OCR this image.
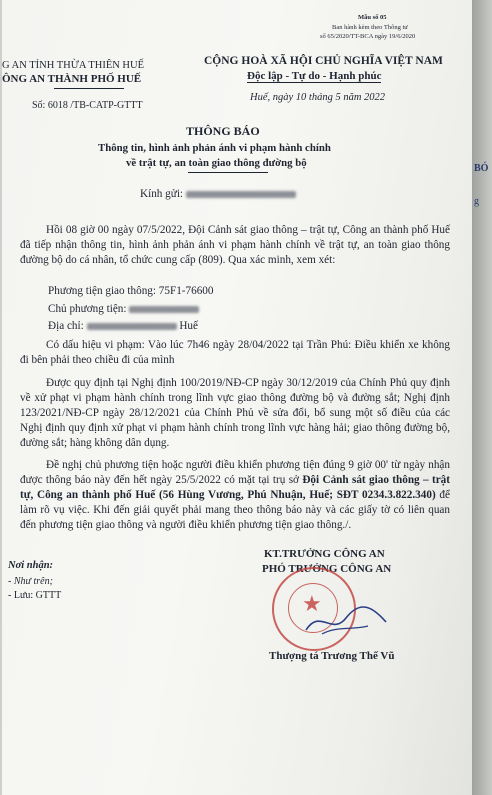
Mẫu số 05
Ban hành kèm theo Thông tư
số 65/2020/TT-BCA ngày 19/6/2020
G AN TỈNH THỪA THIÊN HUẾ
ÔNG AN THÀNH PHỐ HUẾ
Số: 6018 /TB-CATP-GTTT
CỘNG HOÀ XÃ HỘI CHỦ NGHĨA VIỆT NAM
Độc lập - Tự do - Hạnh phúc
Huế, ngày 10 tháng 5 năm 2022
THÔNG BÁO
Thông tin, hình ảnh phản ánh vi phạm hành chính
về trật tự, an toàn giao thông đường bộ
Kính gửi:
Hồi 08 giờ 00 ngày 07/5/2022, Đội Cảnh sát giao thông – trật tự, Công an thành phố Huế đã tiếp nhận thông tin, hình ảnh phản ánh vi phạm hành chính về trật tự, an toàn giao thông đường bộ do cá nhân, tổ chức cung cấp (809). Qua xác minh, xem xét:
Phương tiện giao thông: 75F1-76600
Chủ phương tiện:
Địa chỉ:	Huế
Có dấu hiệu vi phạm: Vào lúc 7h46 ngày 28/04/2022 tại Trần Phú: Điều khiển xe không đi bên phải theo chiều đi của mình
Được quy định tại Nghị định 100/2019/NĐ-CP ngày 30/12/2019 của Chính Phủ quy định về xử phạt vi phạm hành chính trong lĩnh vực giao thông đường bộ và đường sắt; Nghị định 123/2021/NĐ-CP ngày 28/12/2021 của Chính Phủ về sửa đổi, bổ sung một số điều của các Nghị định quy định xử phạt vi phạm hành chính trong lĩnh vực hàng hải; giao thông đường bộ, đường sắt; hàng không dân dụng.
Đề nghị chủ phương tiện hoặc người điều khiển phương tiện đúng 9 giờ 00' từ ngày nhận được thông báo này đến hết ngày 25/5/2022 có mặt tại trụ sở Đội Cảnh sát giao thông – trật tự, Công an thành phố Huế (56 Hùng Vương, Phú Nhuận, Huế; SĐT 0234.3.822.340) để làm rõ vụ việc. Khi đến giải quyết phải mang theo thông báo này và các giấy tờ có liên quan đến phương tiện giao thông và người điều khiển phương tiện giao thông./.
Nơi nhận:
- Như trên;
- Lưu: GTTT
KT.TRƯỞNG CÔNG AN
PHÓ TRƯỞNG CÔNG AN
★
Thượng tá Trương Thế Vũ
BÓ
g
